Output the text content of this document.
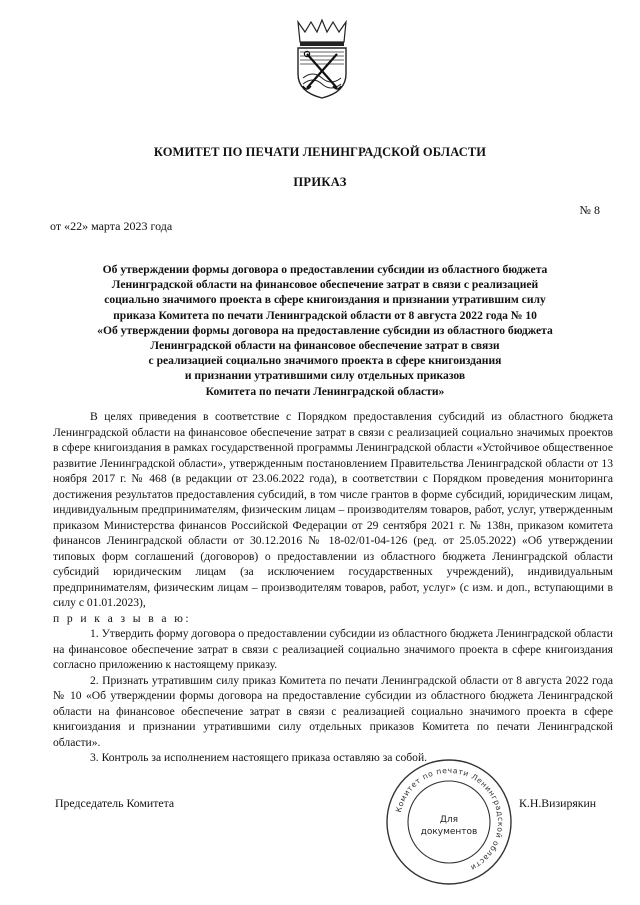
КОМИТЕТ ПО ПЕЧАТИ ЛЕНИНГРАДСКОЙ ОБЛАСТИ
ПРИКАЗ
№ 8
от «22» марта 2023 года
Об утверждении формы договора о предоставлении субсидии из областного бюджета
Ленинградской области на финансовое обеспечение затрат в связи с реализацией
социально значимого проекта в сфере книгоиздания и признании утратившим силу
приказа Комитета по печати Ленинградской области от 8 августа 2022 года № 10
«Об утверждении формы договора на предоставление субсидии из областного бюджета
Ленинградской области на финансовое обеспечение затрат в связи
с реализацией социально значимого проекта в сфере книгоиздания
и признании утратившими силу отдельных приказов
Комитета по печати Ленинградской области»

В целях приведения в соответствие с Порядком предоставления субсидий из областного бюджета Ленинградской области на финансовое обеспечение затрат в связи с реализацией социально значимых проектов в сфере книгоиздания в рамках государственной программы Ленинградской области «Устойчивое общественное развитие Ленинградской области», утвержденным постановлением Правительства Ленинградской области от 13 ноября 2017 г. № 468 (в редакции от 23.06.2022 года), в соответствии с Порядком проведения мониторинга достижения результатов предоставления субсидий, в том числе грантов в форме субсидий, юридическим лицам, индивидуальным предпринимателям, физическим лицам – производителям товаров, работ, услуг, утвержденным приказом Министерства финансов Российской Федерации от 29 сентября 2021 г. № 138н, приказом комитета финансов Ленинградской области от 30.12.2016 № 18-02/01-04-126 (ред. от 25.05.2022) «Об утверждении типовых форм соглашений (договоров) о предоставлении из областного бюджета Ленинградской области субсидий юридическим лицам (за исключением государственных учреждений), индивидуальным предпринимателям, физическим лицам – производителям товаров, работ, услуг» (с изм. и доп., вступающими в силу с 01.01.2023),

п р и к а з ы в а ю:

1. Утвердить форму договора о предоставлении субсидии из областного бюджета Ленинградской области на финансовое обеспечение затрат в связи с реализацией социально значимого проекта в сфере книгоиздания согласно приложению к настоящему приказу.

2. Признать утратившим силу приказ Комитета по печати Ленинградской области от 8 августа 2022 года № 10 «Об утверждении формы договора на предоставление субсидии из областного бюджета Ленинградской области на финансовое обеспечение затрат в связи с реализацией социально значимого проекта в сфере книгоиздания и признании утратившими силу отдельных приказов Комитета по печати Ленинградской области».

3. Контроль за исполнением настоящего приказа оставляю за собой.

Председатель Комитета	К.Н.Визирякин
Комитет по печати Ленинградской области
Для
документов
